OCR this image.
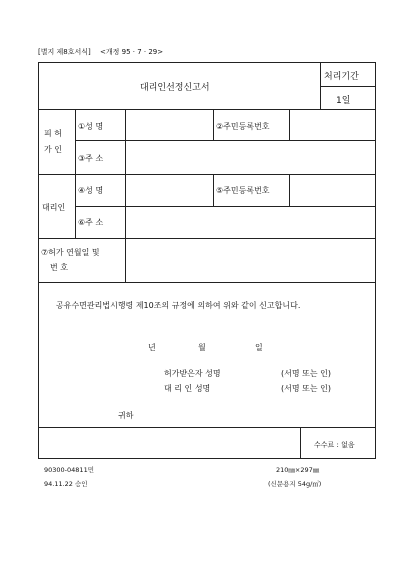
[별지 제8호서식] <개정 95 · 7 · 29>
대리인선정신고서
처리기간
1일
피 허
가 인
①성 명	②주민등록번호
③주 소
대리인
④성 명	⑤주민등록번호
⑥주 소
⑦허가 연월일 및
번 호
공유수면관리법시행령 제10조의 규정에 의하여 위와 같이 신고합니다.
년	월	일
허가받은자 성명	(서명 또는 인)
대 리 인 성명	(서명 또는 인)
귀하
수수료 : 없음
90300-04811민
94.11.22 승인
210㎜×297㎜
(신문용지 54g/㎡)
